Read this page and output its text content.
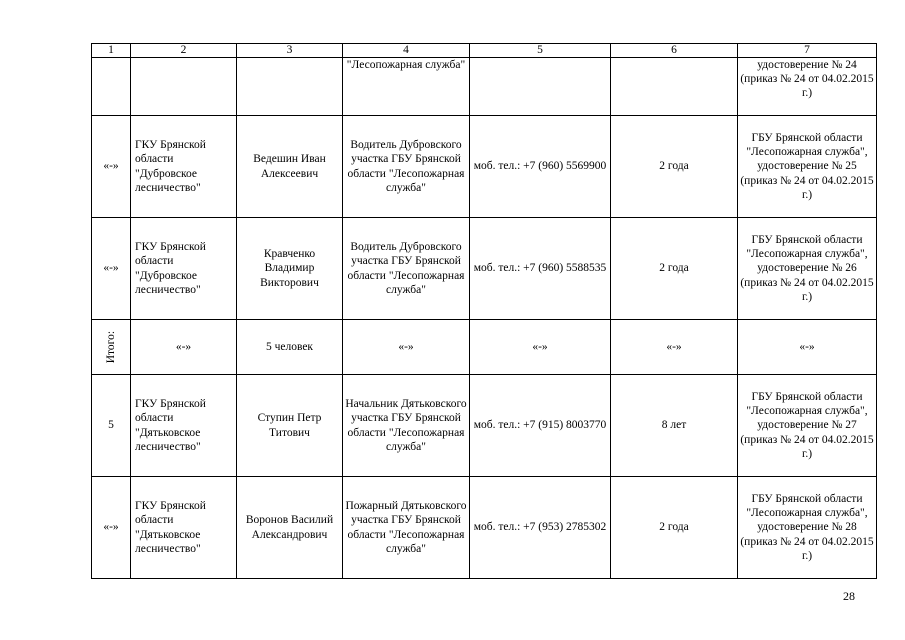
1	2	3	4	5	6	7
			"Лесопожарная служба"			удостоверение № 24 (приказ № 24 от 04.02.2015 г.)
«-»	ГКУ Брянской области "Дубровское лесничество"	Ведешин Иван Алексеевич	Водитель Дубровского участка ГБУ Брянской области "Лесопожарная служба"	моб. тел.: +7 (960) 5569900	2 года	ГБУ Брянской области "Лесопожарная служба", удостоверение № 25 (приказ № 24 от 04.02.2015 г.)
«-»	ГКУ Брянской области "Дубровское лесничество"	Кравченко Владимир Викторович	Водитель Дубровского участка ГБУ Брянской области "Лесопожарная служба"	моб. тел.: +7 (960) 5588535	2 года	ГБУ Брянской области "Лесопожарная служба", удостоверение № 26 (приказ № 24 от 04.02.2015 г.)
Итого:	«-»	5 человек	«-»	«-»	«-»	«-»
5	ГКУ Брянской области "Дятьковское лесничество"	Ступин Петр Титович	Начальник Дятьковского участка ГБУ Брянской области "Лесопожарная служба"	моб. тел.: +7 (915) 8003770	8 лет	ГБУ Брянской области "Лесопожарная служба", удостоверение № 27 (приказ № 24 от 04.02.2015 г.)
«-»	ГКУ Брянской области "Дятьковское лесничество"	Воронов Василий Александрович	Пожарный Дятьковского участка ГБУ Брянской области "Лесопожарная служба"	моб. тел.: +7 (953) 2785302	2 года	ГБУ Брянской области "Лесопожарная служба", удостоверение № 28 (приказ № 24 от 04.02.2015 г.)
28
